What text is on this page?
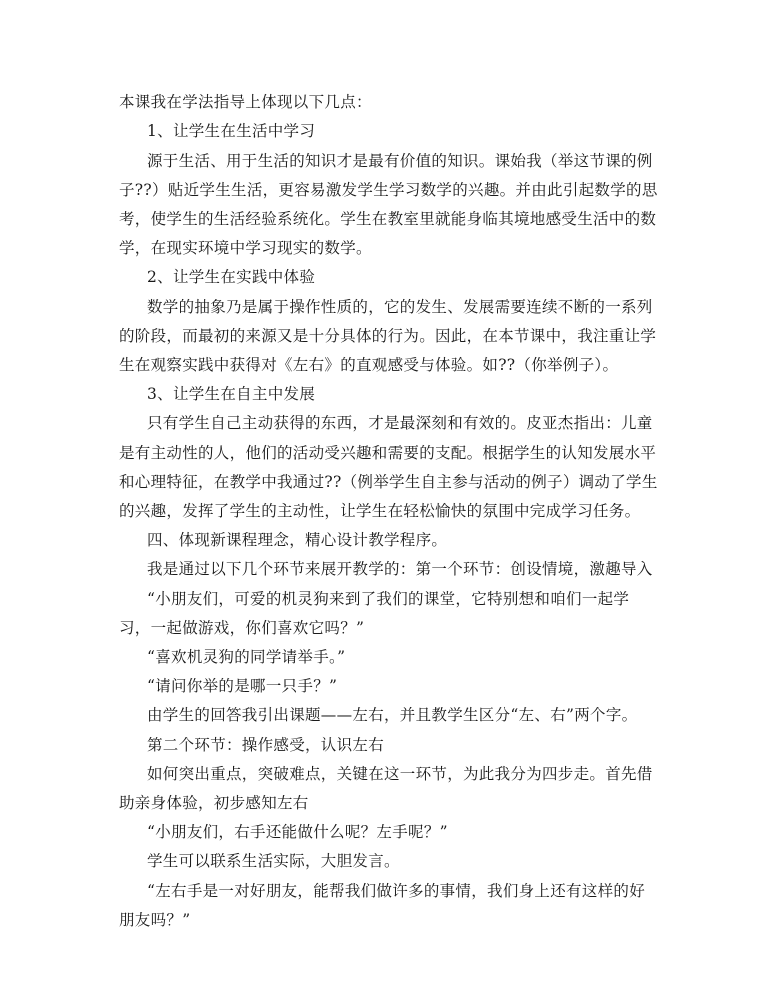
本课我在学法指导上体现以下几点：
1、让学生在生活中学习
源于生活、用于生活的知识才是最有价值的知识。课始我（举这节课的例
子??）贴近学生生活，更容易激发学生学习数学的兴趣。并由此引起数学的思
考，使学生的生活经验系统化。学生在教室里就能身临其境地感受生活中的数
学，在现实环境中学习现实的数学。
2、让学生在实践中体验
数学的抽象乃是属于操作性质的，它的发生、发展需要连续不断的一系列
的阶段，而最初的来源又是十分具体的行为。因此，在本节课中，我注重让学
生在观察实践中获得对《左右》的直观感受与体验。如??（你举例子）。
3、让学生在自主中发展
只有学生自己主动获得的东西，才是最深刻和有效的。皮亚杰指出：儿童
是有主动性的人，他们的活动受兴趣和需要的支配。根据学生的认知发展水平
和心理特征，在教学中我通过??（例举学生自主参与活动的例子）调动了学生
的兴趣，发挥了学生的主动性，让学生在轻松愉快的氛围中完成学习任务。
四、体现新课程理念，精心设计教学程序。
我是通过以下几个环节来展开教学的：第一个环节：创设情境，激趣导入
“小朋友们，可爱的机灵狗来到了我们的课堂，它特别想和咱们一起学
习，一起做游戏，你们喜欢它吗？”
“喜欢机灵狗的同学请举手。”
“请问你举的是哪一只手？”
由学生的回答我引出课题——左右，并且教学生区分“左、右”两个字。
第二个环节：操作感受，认识左右
如何突出重点，突破难点，关键在这一环节，为此我分为四步走。首先借
助亲身体验，初步感知左右
“小朋友们，右手还能做什么呢？左手呢？”
学生可以联系生活实际，大胆发言。
“左右手是一对好朋友，能帮我们做许多的事情，我们身上还有这样的好
朋友吗？”
